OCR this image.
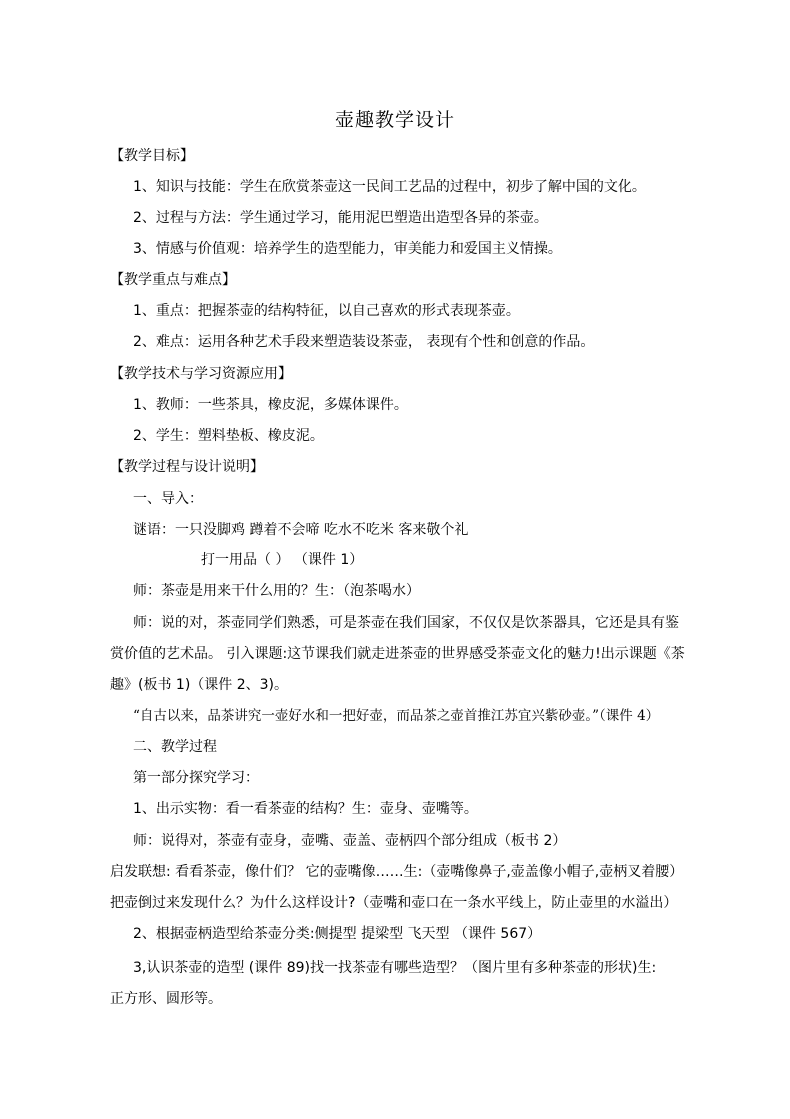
壶趣教学设计
【教学目标】
1、知识与技能：学生在欣赏茶壶这一民间工艺品的过程中，初步了解中国的文化。
2、过程与方法：学生通过学习，能用泥巴塑造出造型各异的茶壶。
3、情感与价值观：培养学生的造型能力，审美能力和爱国主义情操。
【教学重点与难点】
1、重点：把握茶壶的结构特征，以自己喜欢的形式表现茶壶。
2、难点：运用各种艺术手段来塑造装设茶壶， 表现有个性和创意的作品。
【教学技术与学习资源应用】
1、教师：一些茶具，橡皮泥，多媒体课件。
2、学生：塑料垫板、橡皮泥。
【教学过程与设计说明】
一、导入：
谜语：一只没脚鸡 蹲着不会啼 吃水不吃米 客来敬个礼
打一用品（ ） （课件 1）
师：茶壶是用来干什么用的？生：（泡茶喝水）
师：说的对，茶壶同学们熟悉，可是茶壶在我们国家，不仅仅是饮茶器具，它还是具有鉴
赏价值的艺术品。 引入课题:这节课我们就走进茶壶的世界感受茶壶文化的魅力!出示课题《茶
趣》(板书 1)（课件 2、3)。
“自古以来，品茶讲究一壶好水和一把好壶，而品茶之壶首推江苏宜兴紫砂壶。”（课件 4）
二、教学过程
第一部分探究学习：
1、出示实物：看一看茶壶的结构？生：壶身、壶嘴等。
师：说得对，茶壶有壶身，壶嘴、壶盖、壶柄四个部分组成（板书 2）
启发联想: 看看茶壶，像什们？ 它的壶嘴像……生:（壶嘴像鼻子,壶盖像小帽子,壶柄叉着腰）
把壶倒过来发现什么？为什么这样设计?（壶嘴和壶口在一条水平线上，防止壶里的水溢出）
2、根据壶柄造型给茶壶分类:侧提型 提梁型 飞天型 （课件 567）
3,认识茶壶的造型 (课件 89)找一找茶壶有哪些造型？（图片里有多种茶壶的形状)生:
正方形、圆形等。
